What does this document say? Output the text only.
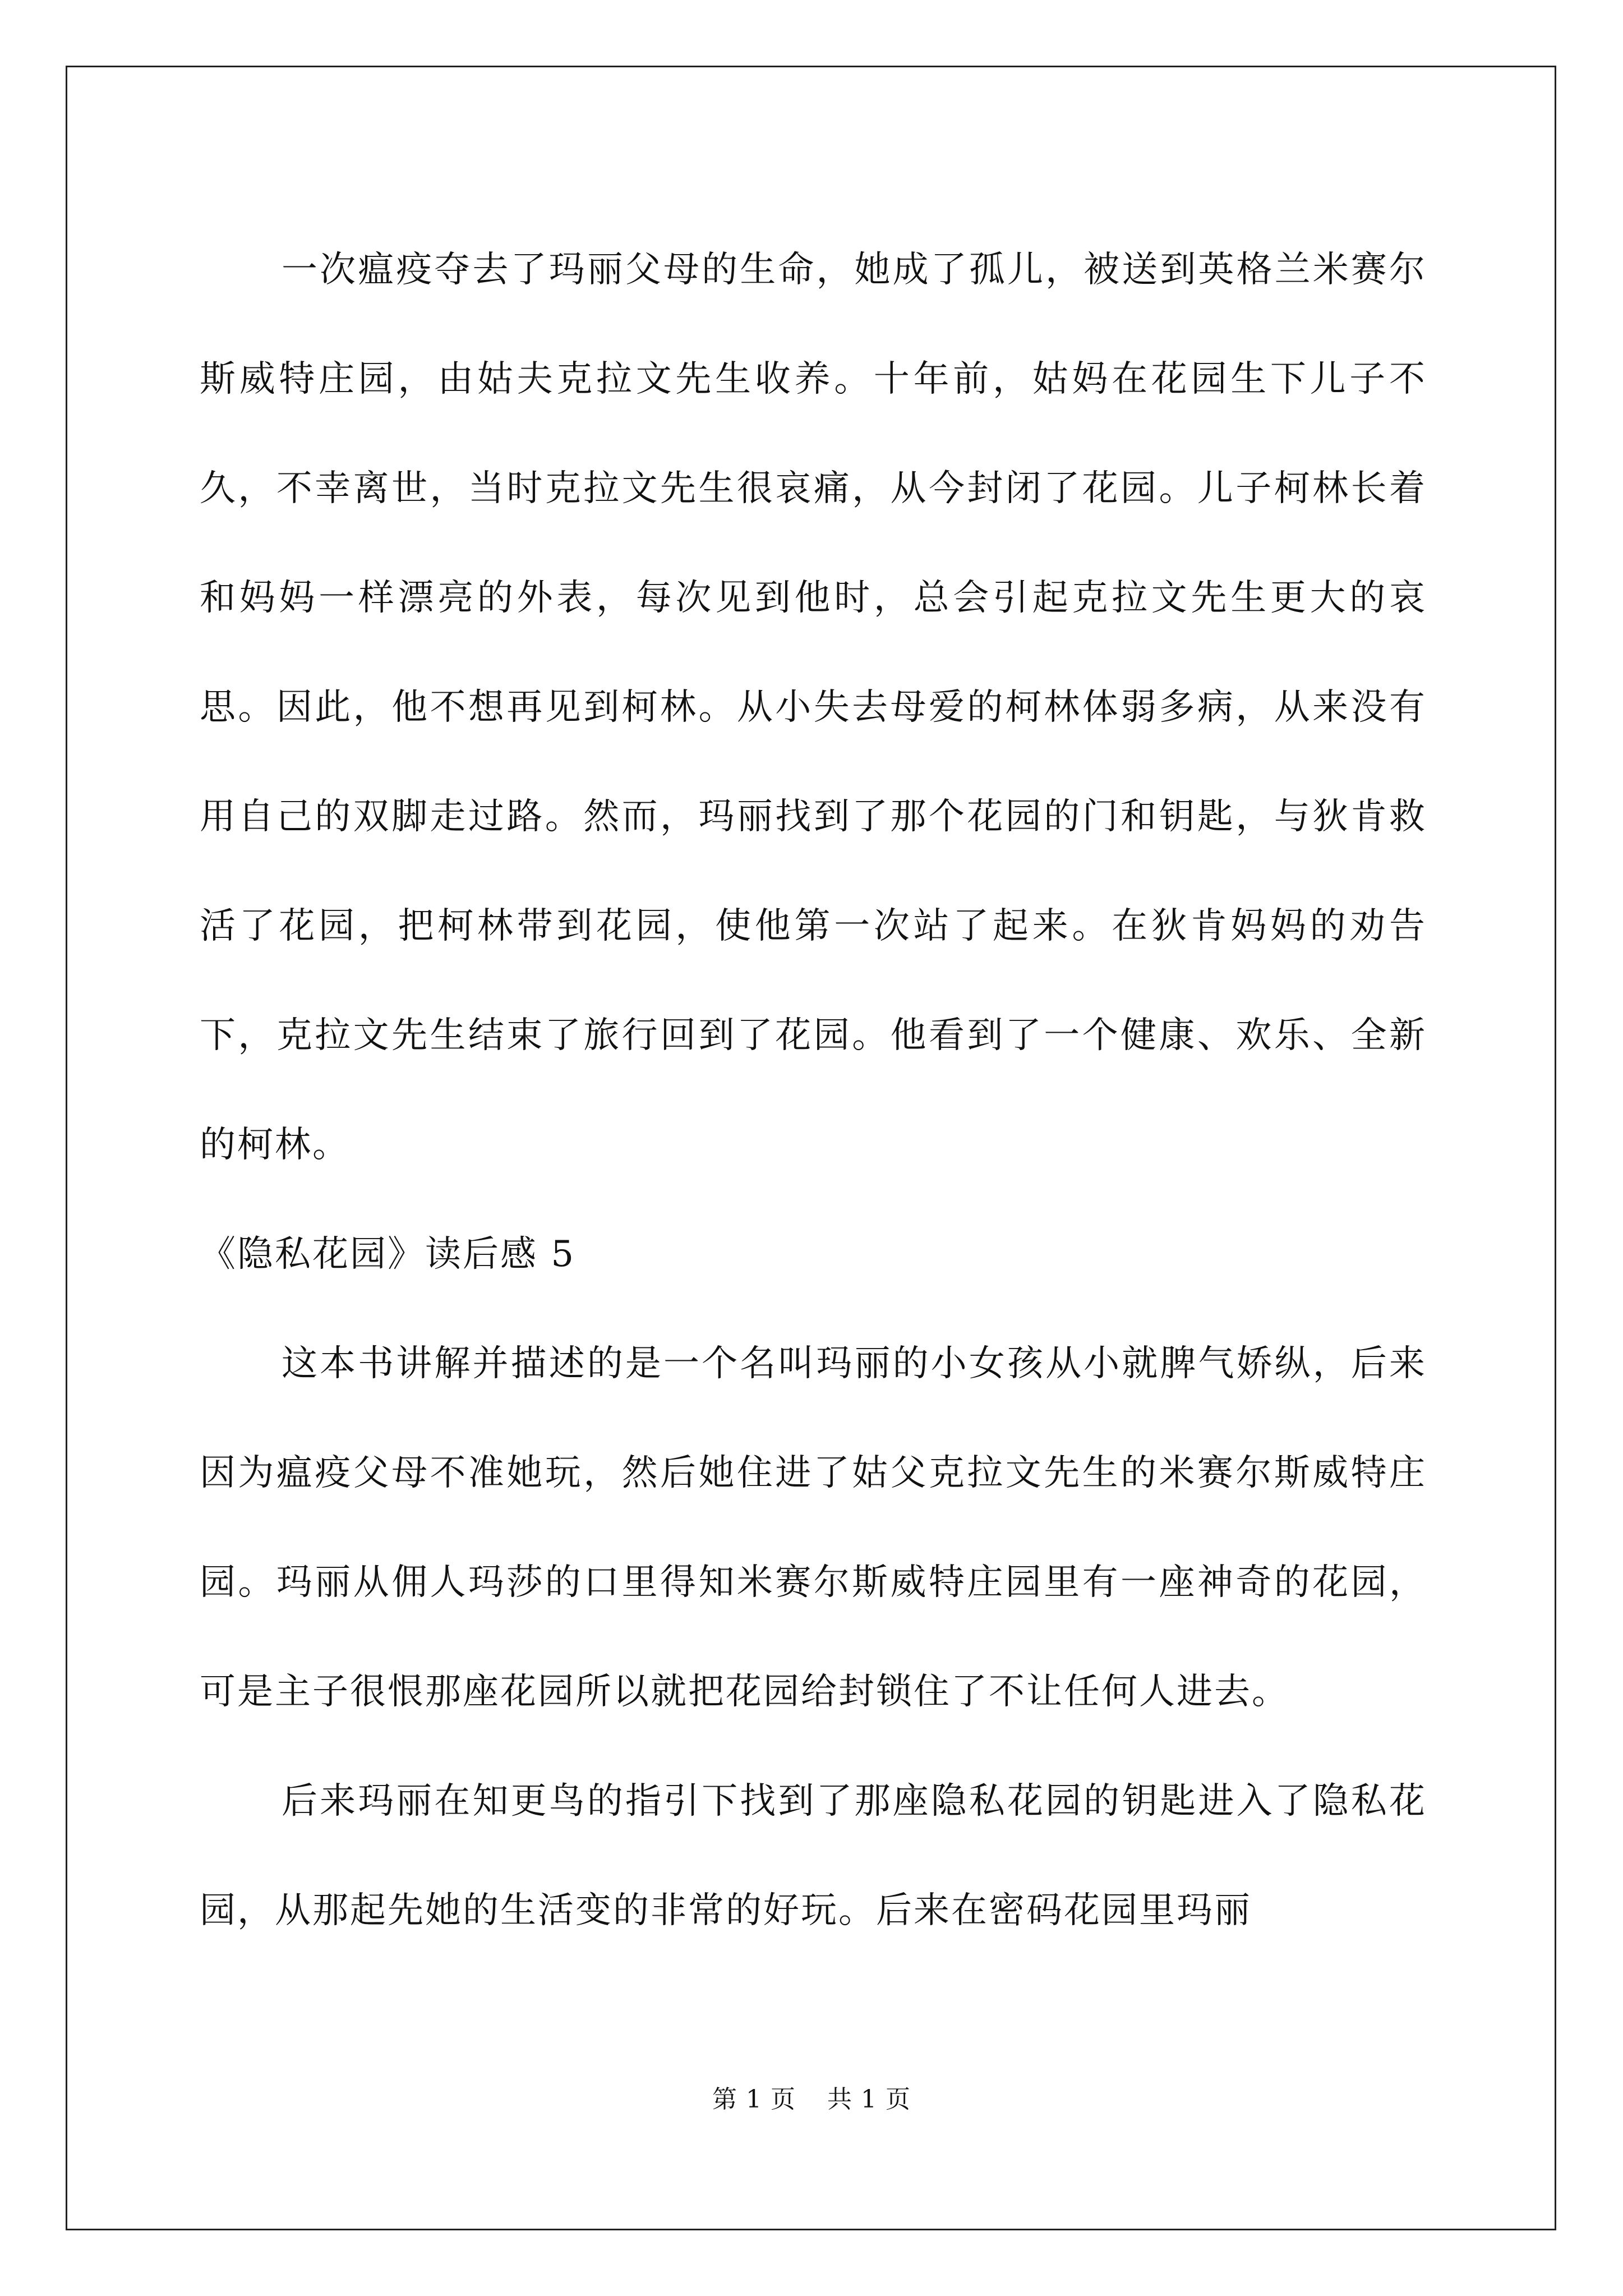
一次瘟疫夺去了玛丽父母的生命，她成了孤儿，被送到英格兰米赛尔斯威特庄园，由姑夫克拉文先生收养。十年前，姑妈在花园生下儿子不久，不幸离世，当时克拉文先生很哀痛，从今封闭了花园。儿子柯林长着和妈妈一样漂亮的外表，每次见到他时，总会引起克拉文先生更大的哀思。因此，他不想再见到柯林。从小失去母爱的柯林体弱多病，从来没有用自己的双脚走过路。然而，玛丽找到了那个花园的门和钥匙，与狄肯救活了花园，把柯林带到花园，使他第一次站了起来。在狄肯妈妈的劝告下，克拉文先生结束了旅行回到了花园。他看到了一个健康、欢乐、全新的柯林。

《隐私花园》读后感 5

这本书讲解并描述的是一个名叫玛丽的小女孩从小就脾气娇纵，后来因为瘟疫父母不准她玩，然后她住进了姑父克拉文先生的米赛尔斯威特庄园。玛丽从佣人玛莎的口里得知米赛尔斯威特庄园里有一座神奇的花园，可是主子很恨那座花园所以就把花园给封锁住了不让任何人进去。

后来玛丽在知更鸟的指引下找到了那座隐私花园的钥匙进入了隐私花园，从那起先她的生活变的非常的好玩。后来在密码花园里玛丽

第 1 页 共 1 页
